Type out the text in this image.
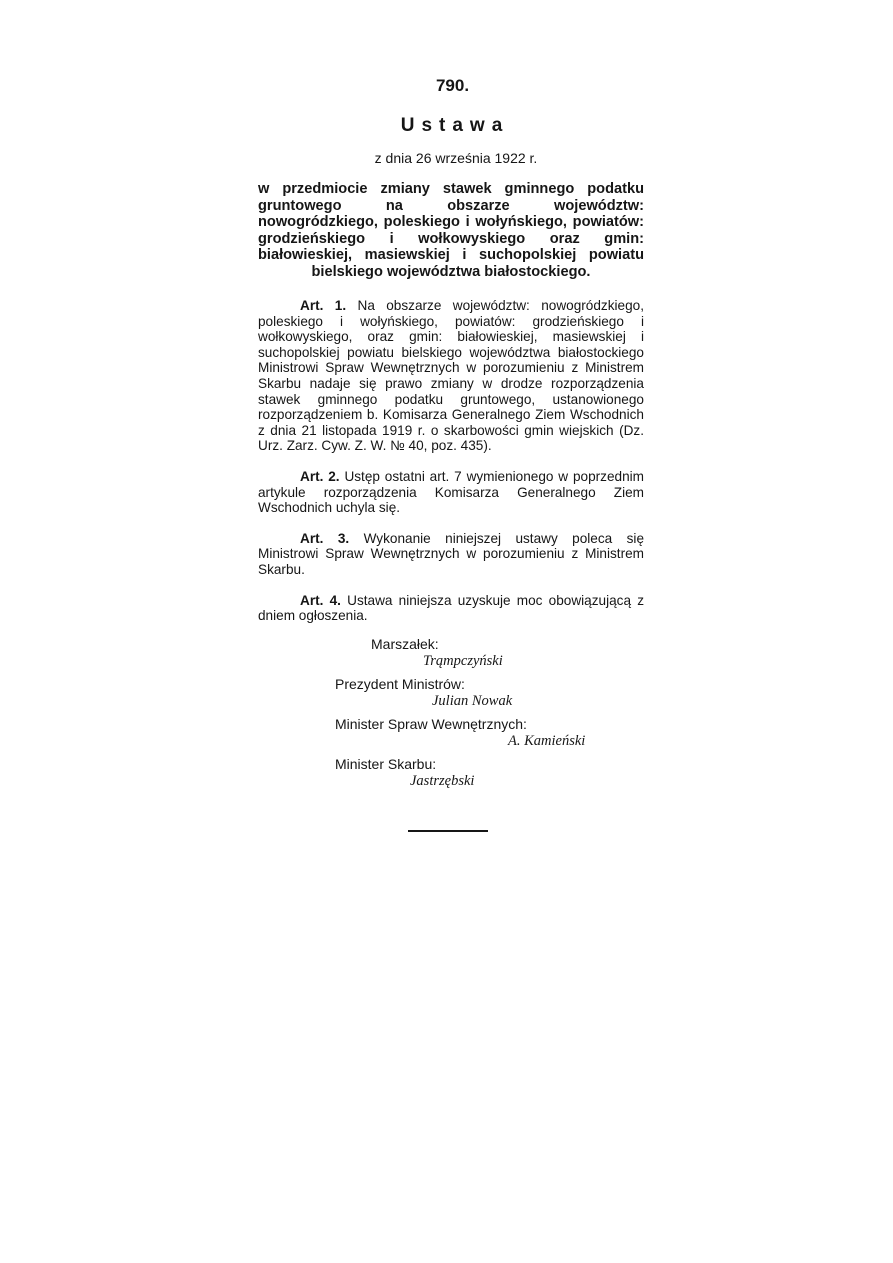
790.
Ustawa
z dnia 26 września 1922 r.
w przedmiocie zmiany stawek gminnego podatku gruntowego na obszarze województw: nowogródzkiego, poleskiego i wołyńskiego, powiatów: grodzieńskiego i wołkowyskiego oraz gmin: białowieskiej, masiewskiej i suchopolskiej powiatu bielskiego województwa białostockiego.
Art. 1. Na obszarze województw: nowogródzkiego, poleskiego i wołyńskiego, powiatów: grodzieńskiego i wołkowyskiego, oraz gmin: białowieskiej, masiewskiej i suchopolskiej powiatu bielskiego województwa białostockiego Ministrowi Spraw Wewnętrznych w porozumieniu z Ministrem Skarbu nadaje się prawo zmiany w drodze rozporządzenia stawek gminnego podatku gruntowego, ustanowionego rozporządzeniem b. Komisarza Generalnego Ziem Wschodnich z dnia 21 listopada 1919 r. o skarbowości gmin wiejskich (Dz. Urz. Zarz. Cyw. Z. W. № 40, poz. 435).
Art. 2. Ustęp ostatni art. 7 wymienionego w poprzednim artykule rozporządzenia Komisarza Generalnego Ziem Wschodnich uchyla się.
Art. 3. Wykonanie niniejszej ustawy poleca się Ministrowi Spraw Wewnętrznych w porozumieniu z Ministrem Skarbu.
Art. 4. Ustawa niniejsza uzyskuje moc obowiązującą z dniem ogłoszenia.
Marszałek:
Trąmpczyński
Prezydent Ministrów:
Julian Nowak
Minister Spraw Wewnętrznych:
A. Kamieński
Minister Skarbu:
Jastrzębski
